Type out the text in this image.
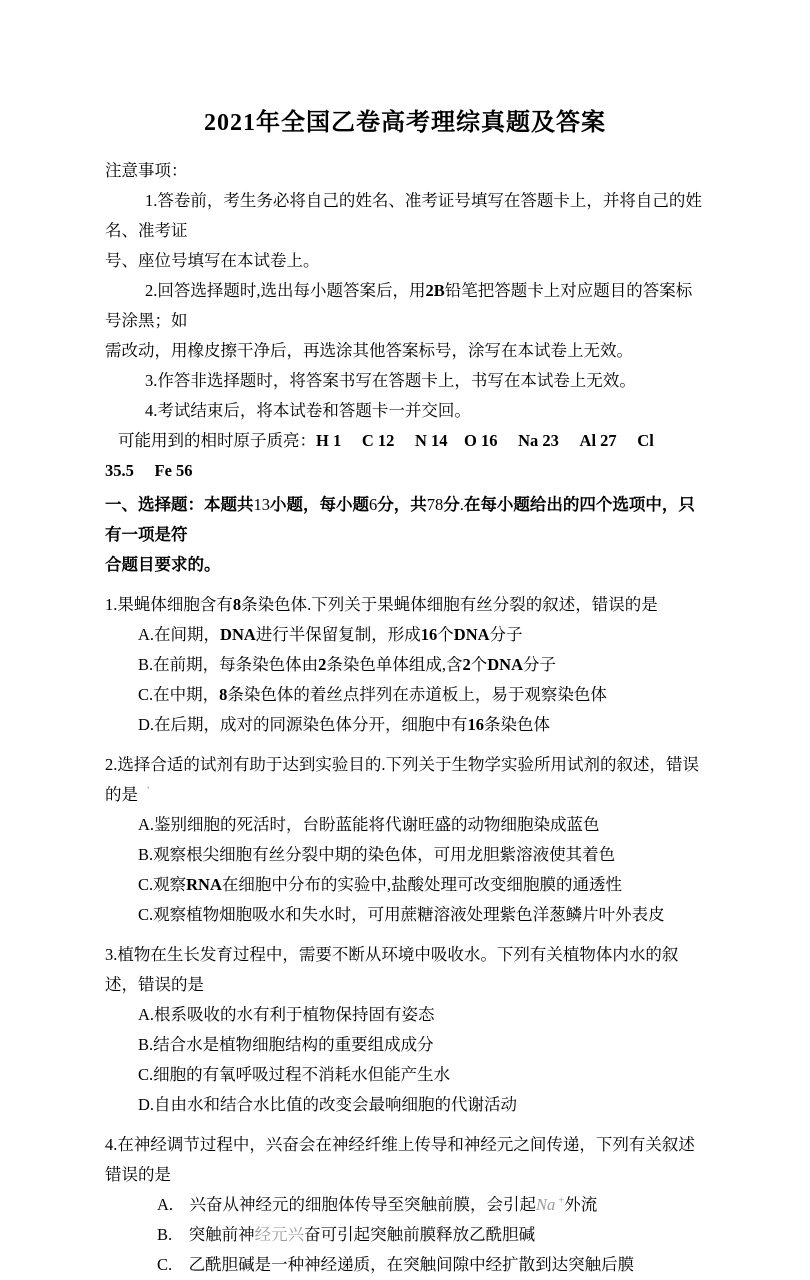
2021年全国乙卷高考理综真题及答案

注意事项：

1.答卷前，考生务必将自己的姓名、准考证号填写在答题卡上，并将自己的姓名、准考证
号、座位号填写在本试卷上。

2.回答选择题时,选出每小题答案后，用2B铅笔把答题卡上对应题目的答案标号涂黑；如
需改动，用橡皮擦干净后，再选涂其他答案标号，涂写在本试卷上无效。

3.作答非选择题时，将答案书写在答题卡上，书写在本试卷上无效。

4.考试结束后，将本试卷和答题卡一并交回。

可能用到的相时原子质亮：H 1     C 12     N 14    O 16     Na 23     Al 27     Cl
35.5     Fe 56

一、选择题：本题共13小题，每小题6分，共78分.在每小题给出的四个选项中，只有一项是符
合题目要求的。

1.果蝇体细胞含有8条染色体.下列关于果蝇体细胞有丝分裂的叙述，错误的是

A.在间期，DNA进行半保留复制，形成16个DNA分子

B.在前期，每条染色体由2条染色单体组成,含2个DNA分子

C.在中期，8条染色体的着丝点拌列在赤道板上，易于观察染色体

D.在后期，成对的同源染色体分开，细胞中有16条染色体

2.选择合适的试剂有助于达到实验目的.下列关于生物学实验所用试剂的叙述，错误的是   $^ʼ$

A.鉴别细胞的死活时，台盼蓝能将代谢旺盛的动物细胞染成蓝色

B.观察根尖细胞有丝分裂中期的染色体，可用龙胆紫溶液使其着色

C.观察RNA在细胞中分布的实验中,盐酸处理可改变细胞膜的通透性

C.观察植物畑胞吸水和失水时，可用蔗糖溶液处理紫色洋葱鳞片叶外表皮

3.植物在生长发育过程中，需要不断从环境中吸收水。下列有关植物体内水的叙述，错误的是

A.根系吸收的水有利于植物保持固有姿态

B.结合水是植物细胞结构的重要组成成分

C.细胞的有氧呼吸过程不消耗水但能产生水

D.自由水和结合水比值的改变会最响细胞的代谢活动

4.在神经调节过程中，兴奋会在神经纤维上传导和神经元之间传递，下列有关叙述错误的是

A.　兴奋从神经元的细胞体传导至突触前膜，会引起Na +外流

B.　突触前神经元兴奋可引起突触前膜释放乙酰胆碱

C.　乙酰胆碱是一种神经递质，在突触间隙中经扩散到达突触后膜
